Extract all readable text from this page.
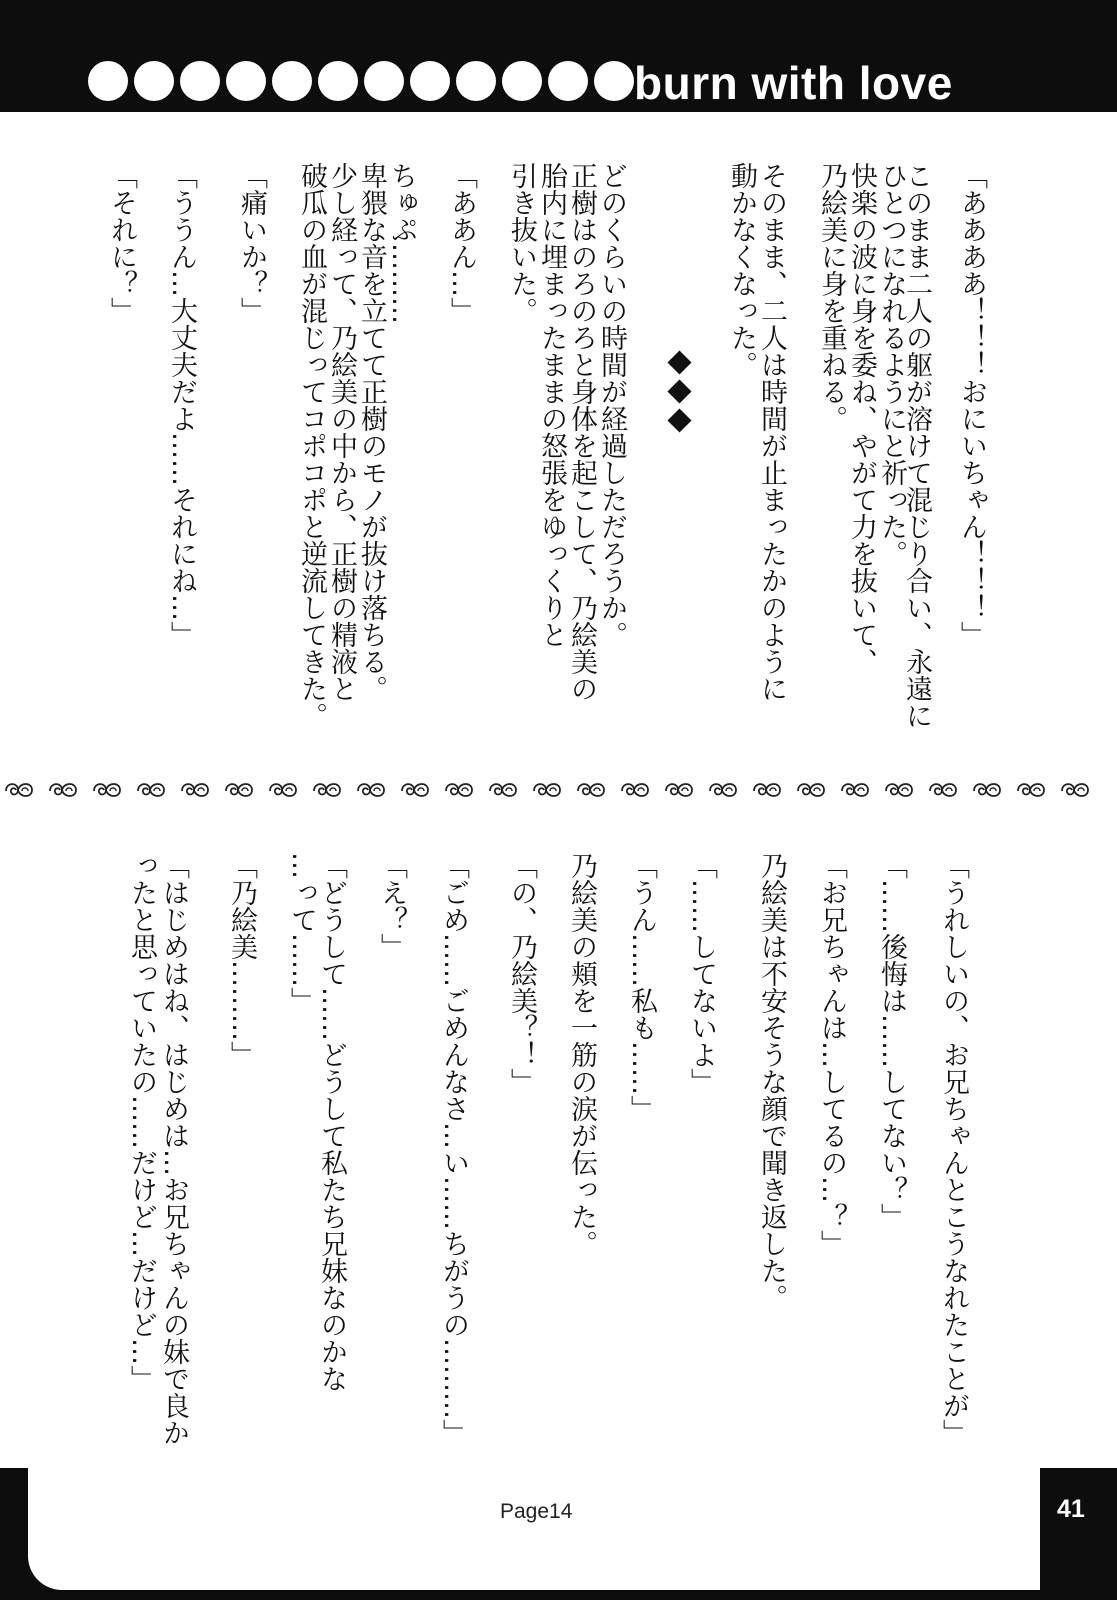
burn with love
「ああああ！！！おにいちゃん！！！」
このまま二人の躯が溶けて混じり合い、永遠に
ひとつになれるようにと祈った。
快楽の波に身を委ね、やがて力を抜いて、
乃絵美に身を重ねる。
そのまま、二人は時間が止まったかのように
動かなくなった。
どのくらいの時間が経過しただろうか。
正樹はのろのろと身体を起こして、乃絵美の
胎内に埋まったままの怒張をゆっくりと
引き抜いた。
「ああん…」
ちゅぷ………
卑猥な音を立てて正樹のモノが抜け落ちる。
少し経って、乃絵美の中から、正樹の精液と
破瓜の血が混じってコポコポと逆流してきた。
「痛いか？」
「ううん…大丈夫だよ……それにね…」
「それに？」
「うれしいの、お兄ちゃんとこうなれたことが」
「……後悔は……してない？」
「お兄ちゃんは…してるの…？」
乃絵美は不安そうな顔で聞き返した。
「……してないよ」
「うん……私も……」
乃絵美の頬を一筋の涙が伝った。
「の、乃絵美？！」
「ごめ……ごめんなさ…い……ちがうの………」
「え？」
「どうして……どうして私たち兄妹なのかな
…って……」
「乃絵美………」
「はじめはね、はじめは…お兄ちゃんの妹で良か
ったと思っていたの……だけど…だけど…」
Page14	41
